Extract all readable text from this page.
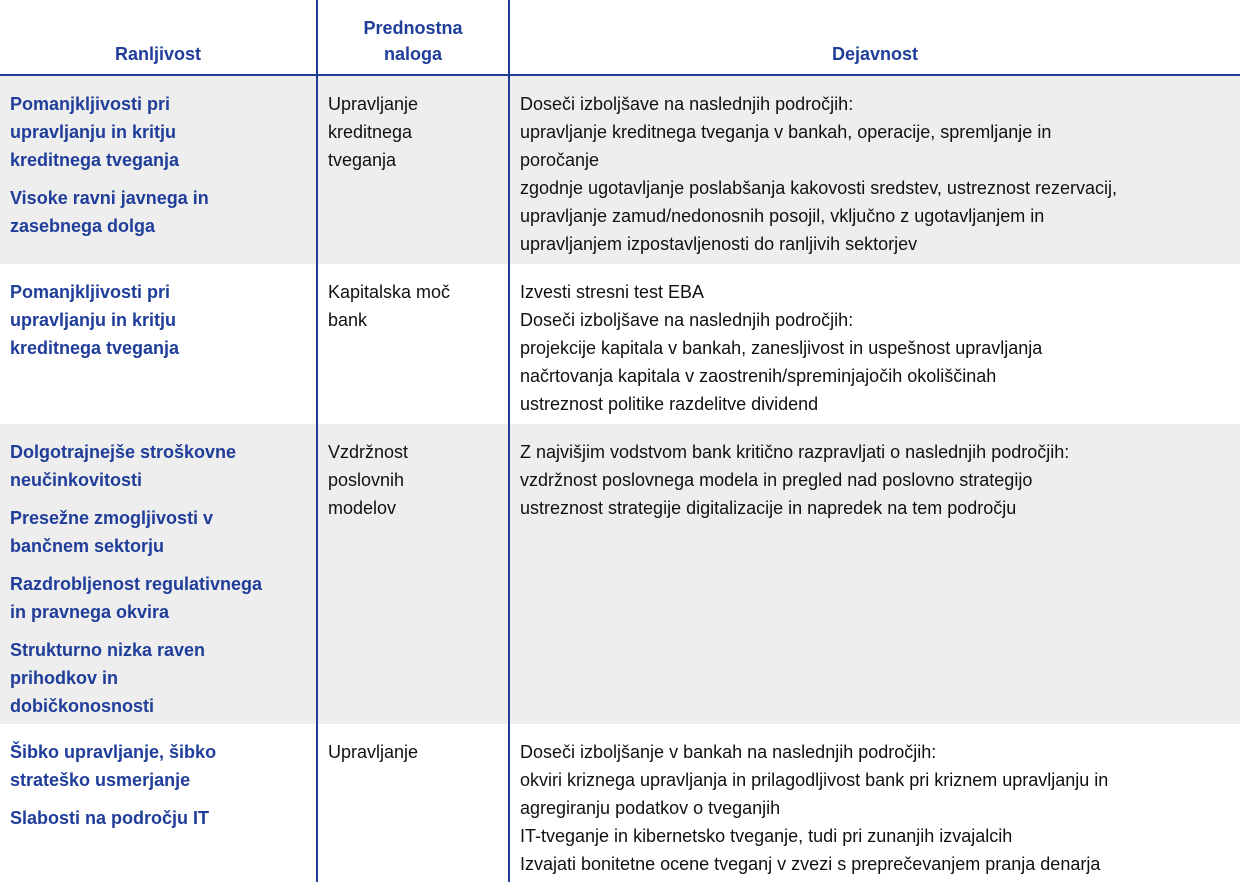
Ranljivost
Prednostna
naloga	Dejavnost
Pomanjkljivosti pri
upravljanju in kritju
kreditnega tveganja
Visoke ravni javnega in
zasebnega dolga
Upravljanje
kreditnega
tveganja
Doseči izboljšave na naslednjih področjih:
upravljanje kreditnega tveganja v bankah, operacije, spremljanje in
poročanje
zgodnje ugotavljanje poslabšanja kakovosti sredstev, ustreznost rezervacij,
upravljanje zamud/nedonosnih posojil, vključno z ugotavljanjem in
upravljanjem izpostavljenosti do ranljivih sektorjev
Pomanjkljivosti pri
upravljanju in kritju
kreditnega tveganja
Kapitalska moč
bank
Izvesti stresni test EBA
Doseči izboljšave na naslednjih področjih:
projekcije kapitala v bankah, zanesljivost in uspešnost upravljanja
načrtovanja kapitala v zaostrenih/spreminjajočih okoliščinah
ustreznost politike razdelitve dividend
Dolgotrajnejše stroškovne
neučinkovitosti
Presežne zmogljivosti v
bančnem sektorju
Razdrobljenost regulativnega
in pravnega okvira
Strukturno nizka raven
prihodkov in
dobičkonosnosti
Vzdržnost
poslovnih
modelov
Z najvišjim vodstvom bank kritično razpravljati o naslednjih področjih:
vzdržnost poslovnega modela in pregled nad poslovno strategijo
ustreznost strategije digitalizacije in napredek na tem področju
Šibko upravljanje, šibko
strateško usmerjanje
Slabosti na področju IT
Upravljanje	Doseči izboljšanje v bankah na naslednjih področjih:
okviri kriznega upravljanja in prilagodljivost bank pri kriznem upravljanju in
agregiranju podatkov o tveganjih
IT-tveganje in kibernetsko tveganje, tudi pri zunanjih izvajalcih
Izvajati bonitetne ocene tveganj v zvezi s preprečevanjem pranja denarja
